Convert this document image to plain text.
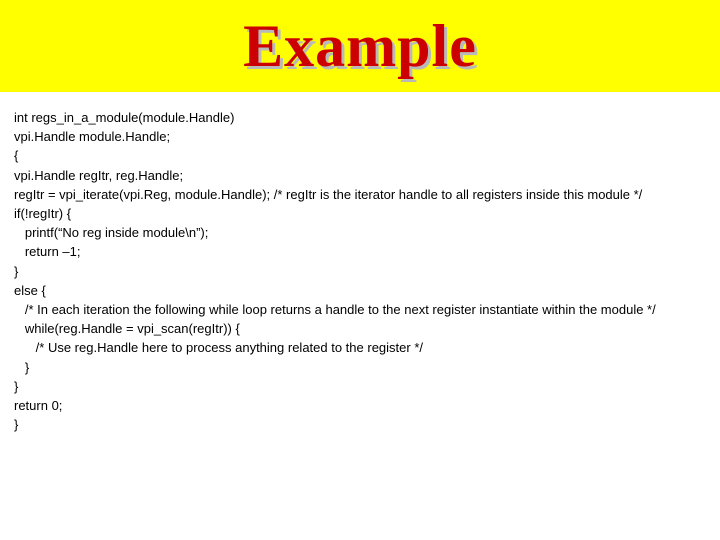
Example
int regs_in_a_module(module.Handle)
vpi.Handle module.Handle;
{
vpi.Handle regItr, reg.Handle;
regItr = vpi_iterate(vpi.Reg, module.Handle); /* regItr is the iterator handle to all registers inside this module */
if(!regItr) {
printf(“No reg inside module\n”);
return –1;
}
else {
/* In each iteration the following while loop returns a handle to the next register instantiate within the module */
while(reg.Handle = vpi_scan(regItr)) {
/* Use reg.Handle here to process anything related to the register */
}
}
return 0;
}
